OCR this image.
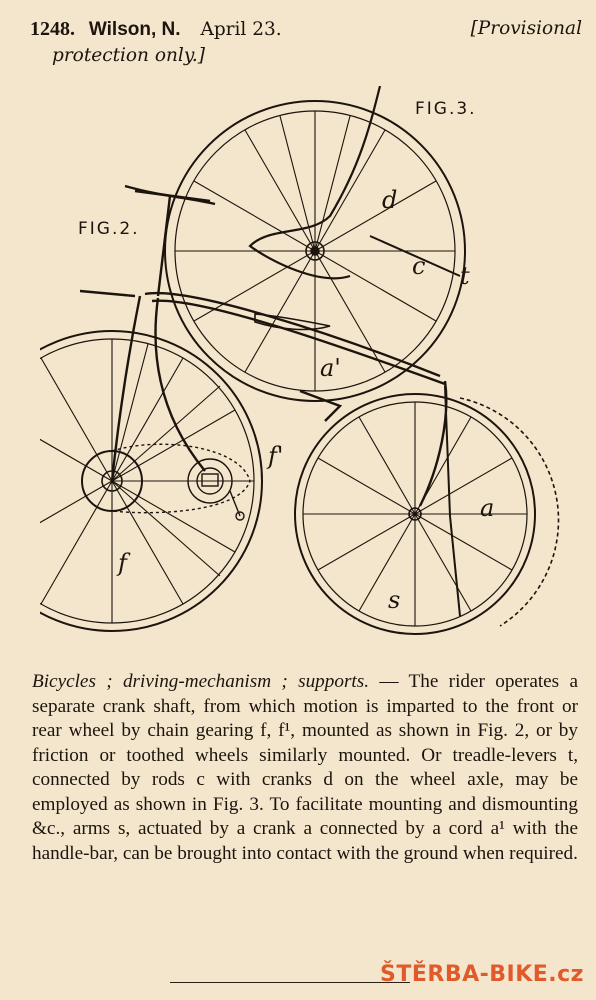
1248. Wilson, N. April 23.	[Provisional
protection only.]
FIG.3.
FIG.2.
d
c t
a'
f'
a
f
s
Bicycles ; driving-mechanism ; supports. — The rider operates a separate crank shaft, from which motion is imparted to the front or rear wheel by chain gearing f, f¹, mounted as shown in Fig. 2, or by friction or toothed wheels similarly mounted. Or treadle-levers t, connected by rods c with cranks d on the wheel axle, may be employed as shown in Fig. 3. To facilitate mounting and dismounting &c., arms s, actuated by a crank a connected by a cord a¹ with the handle-bar, can be brought into contact with the ground when required.
ŠTĚRBA-BIKE.cz
